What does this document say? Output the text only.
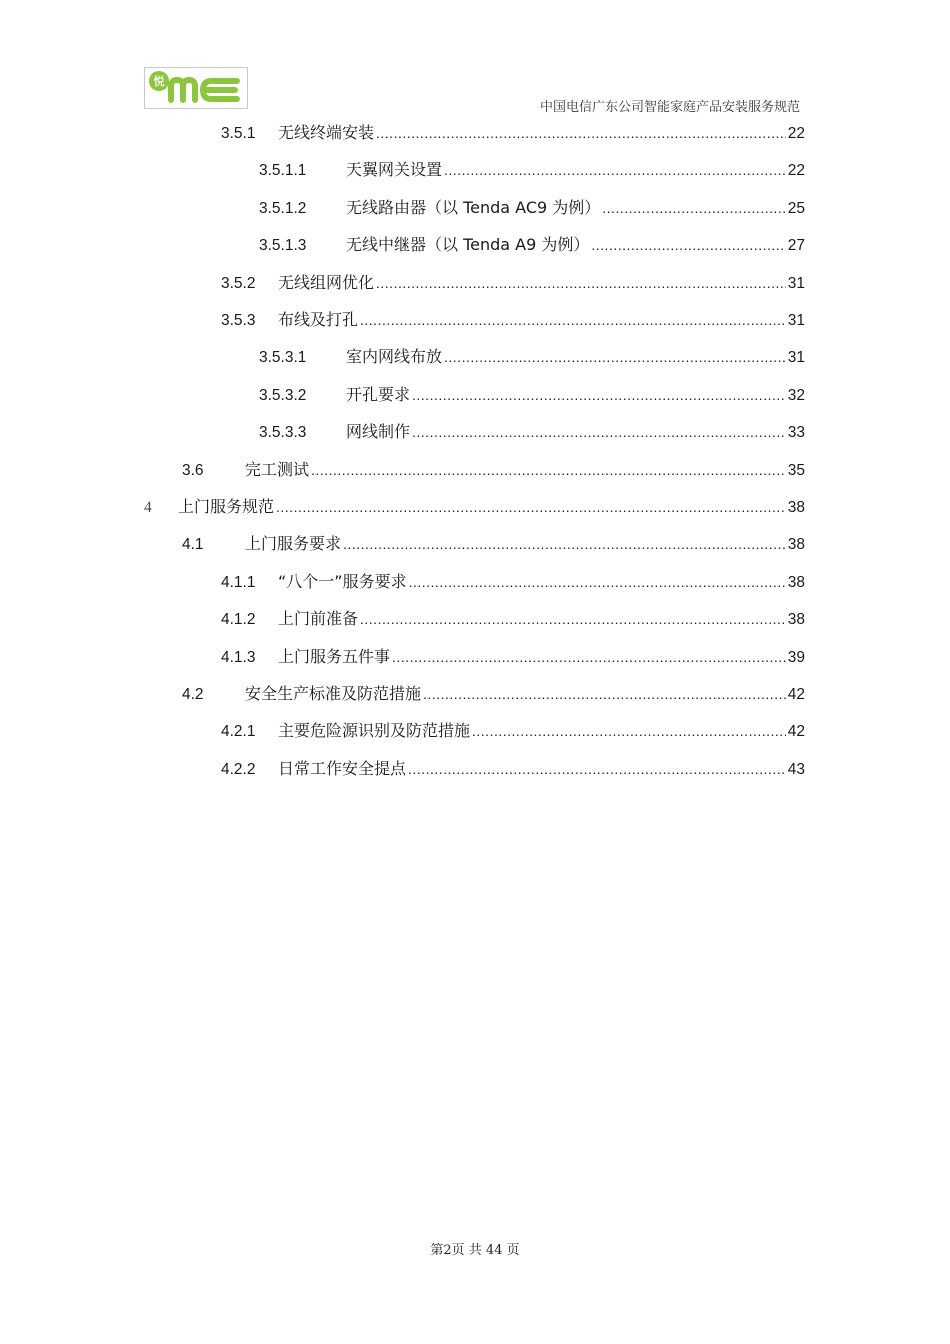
悦
中国电信广东公司智能家庭产品安装服务规范
3.5.1	无线终端安装 .....	22
3.5.1.1	天翼网关设置 .....	22
3.5.1.2	无线路由器（以 Tenda AC9 为例） .....	25
3.5.1.3	无线中继器（以 Tenda A9 为例） .....	27
3.5.2	无线组网优化 .....	31
3.5.3	布线及打孔 .....	31
3.5.3.1	室内网线布放 .....	31
3.5.3.2	开孔要求 .....	32
3.5.3.3	网线制作 .....	33
3.6	完工测试 .....	35
4	上门服务规范 .....	38
4.1	上门服务要求 .....	38
4.1.1	“八个一”服务要求 .....	38
4.1.2	上门前准备 .....	38
4.1.3	上门服务五件事 .....	39
4.2	安全生产标准及防范措施 .....	42
4.2.1	主要危险源识别及防范措施 .....	42
4.2.2	日常工作安全提点 .....	43
第2页 共 44 页
